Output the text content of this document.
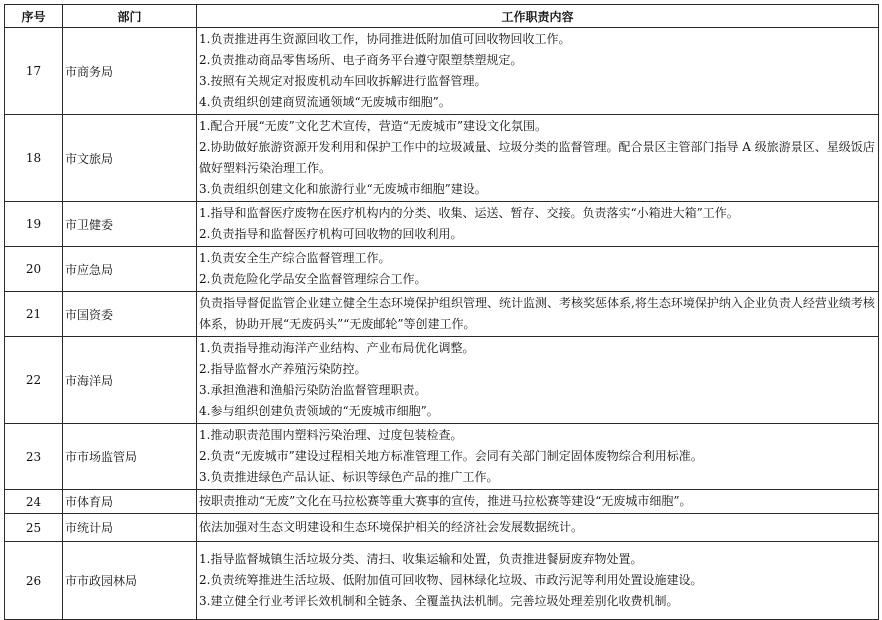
序号	部门	工作职责内容
17	市商务局	1.负责推进再生资源回收工作，协同推进低附加值可回收物回收工作。
2.负责推动商品零售场所、电子商务平台遵守限塑禁塑规定。
3.按照有关规定对报废机动车回收拆解进行监督管理。
4.负责组织创建商贸流通领域“无废城市细胞”。

18	市文旅局	1.配合开展“无废”文化艺术宣传，营造“无废城市”建设文化氛围。
2.协助做好旅游资源开发利用和保护工作中的垃圾减量、垃圾分类的监督管理。配合景区主管部门指导 A 级旅游景区、星级饭店做好塑料污染治理工作。
3.负责组织创建文化和旅游行业“无废城市细胞”建设。

19	市卫健委	1.指导和监督医疗废物在医疗机构内的分类、收集、运送、暂存、交接。负责落实“小箱进大箱”工作。
2.负责指导和监督医疗机构可回收物的回收利用。

20	市应急局	1.负责安全生产综合监督管理工作。
2.负责危险化学品安全监督管理综合工作。

21	市国资委	负责指导督促监管企业建立健全生态环境保护组织管理、统计监测、考核奖惩体系,将生态环境保护纳入企业负责人经营业绩考核体系，协助开展“无废码头”“无废邮轮”等创建工作。

22	市海洋局	1.负责指导推动海洋产业结构、产业布局优化调整。
2.指导监督水产养殖污染防控。
3.承担渔港和渔船污染防治监督管理职责。
4.参与组织创建负责领域的“无废城市细胞”。

23	市市场监管局	1.推动职责范围内塑料污染治理、过度包装检查。
2.负责“无废城市”建设过程相关地方标准管理工作。会同有关部门制定固体废物综合利用标准。
3.负责推进绿色产品认证、标识等绿色产品的推广工作。

24	市体育局	按职责推动“无废”文化在马拉松赛等重大赛事的宣传，推进马拉松赛等建设“无废城市细胞”。

25	市统计局	依法加强对生态文明建设和生态环境保护相关的经济社会发展数据统计。

26	市市政园林局	1.指导监督城镇生活垃圾分类、清扫、收集运输和处置，负责推进餐厨废弃物处置。
2.负责统筹推进生活垃圾、低附加值可回收物、园林绿化垃圾、市政污泥等利用处置设施建设。
3.建立健全行业考评长效机制和全链条、全覆盖执法机制。完善垃圾处理差别化收费机制。
